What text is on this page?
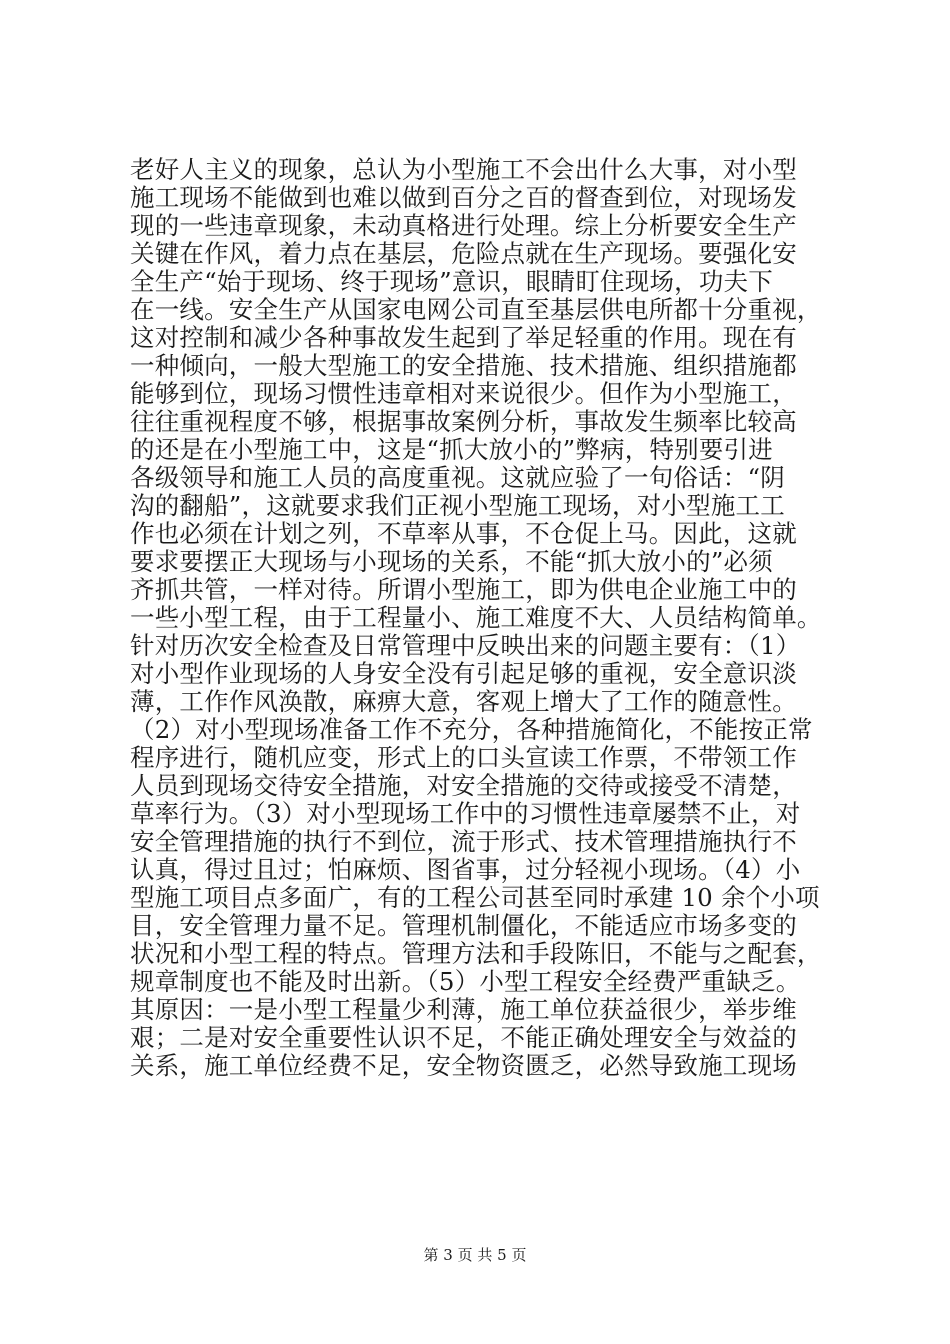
老好人主义的现象，总认为小型施工不会出什么大事，对小型
施工现场不能做到也难以做到百分之百的督查到位，对现场发
现的一些违章现象，未动真格进行处理。综上分析要安全生产
关键在作风，着力点在基层，危险点就在生产现场。要强化安
全生产“始于现场、终于现场”意识，眼睛盯住现场，功夫下
在一线。安全生产从国家电网公司直至基层供电所都十分重视，
这对控制和减少各种事故发生起到了举足轻重的作用。现在有
一种倾向，一般大型施工的安全措施、技术措施、组织措施都
能够到位，现场习惯性违章相对来说很少。但作为小型施工，
往往重视程度不够，根据事故案例分析，事故发生频率比较高
的还是在小型施工中，这是“抓大放小的”弊病，特别要引进
各级领导和施工人员的高度重视。这就应验了一句俗话：“阴
沟的翻船”，这就要求我们正视小型施工现场，对小型施工工
作也必须在计划之列，不草率从事，不仓促上马。因此，这就
要求要摆正大现场与小现场的关系，不能“抓大放小的”必须
齐抓共管，一样对待。所谓小型施工，即为供电企业施工中的
一些小型工程，由于工程量小、施工难度不大、人员结构简单。
针对历次安全检查及日常管理中反映出来的问题主要有：（1）
对小型作业现场的人身安全没有引起足够的重视，安全意识淡
薄，工作作风涣散，麻痹大意，客观上增大了工作的随意性。
（2）对小型现场准备工作不充分，各种措施简化，不能按正常
程序进行，随机应变，形式上的口头宣读工作票，不带领工作
人员到现场交待安全措施，对安全措施的交待或接受不清楚，
草率行为。（3）对小型现场工作中的习惯性违章屡禁不止，对
安全管理措施的执行不到位，流于形式、技术管理措施执行不
认真，得过且过；怕麻烦、图省事，过分轻视小现场。（4）小
型施工项目点多面广，有的工程公司甚至同时承建 10 余个小项
目，安全管理力量不足。管理机制僵化，不能适应市场多变的
状况和小型工程的特点。管理方法和手段陈旧，不能与之配套，
规章制度也不能及时出新。（5）小型工程安全经费严重缺乏。
其原因：一是小型工程量少利薄，施工单位获益很少，举步维
艰；二是对安全重要性认识不足，不能正确处理安全与效益的
关系，施工单位经费不足，安全物资匮乏，必然导致施工现场
第 3 页 共 5 页
